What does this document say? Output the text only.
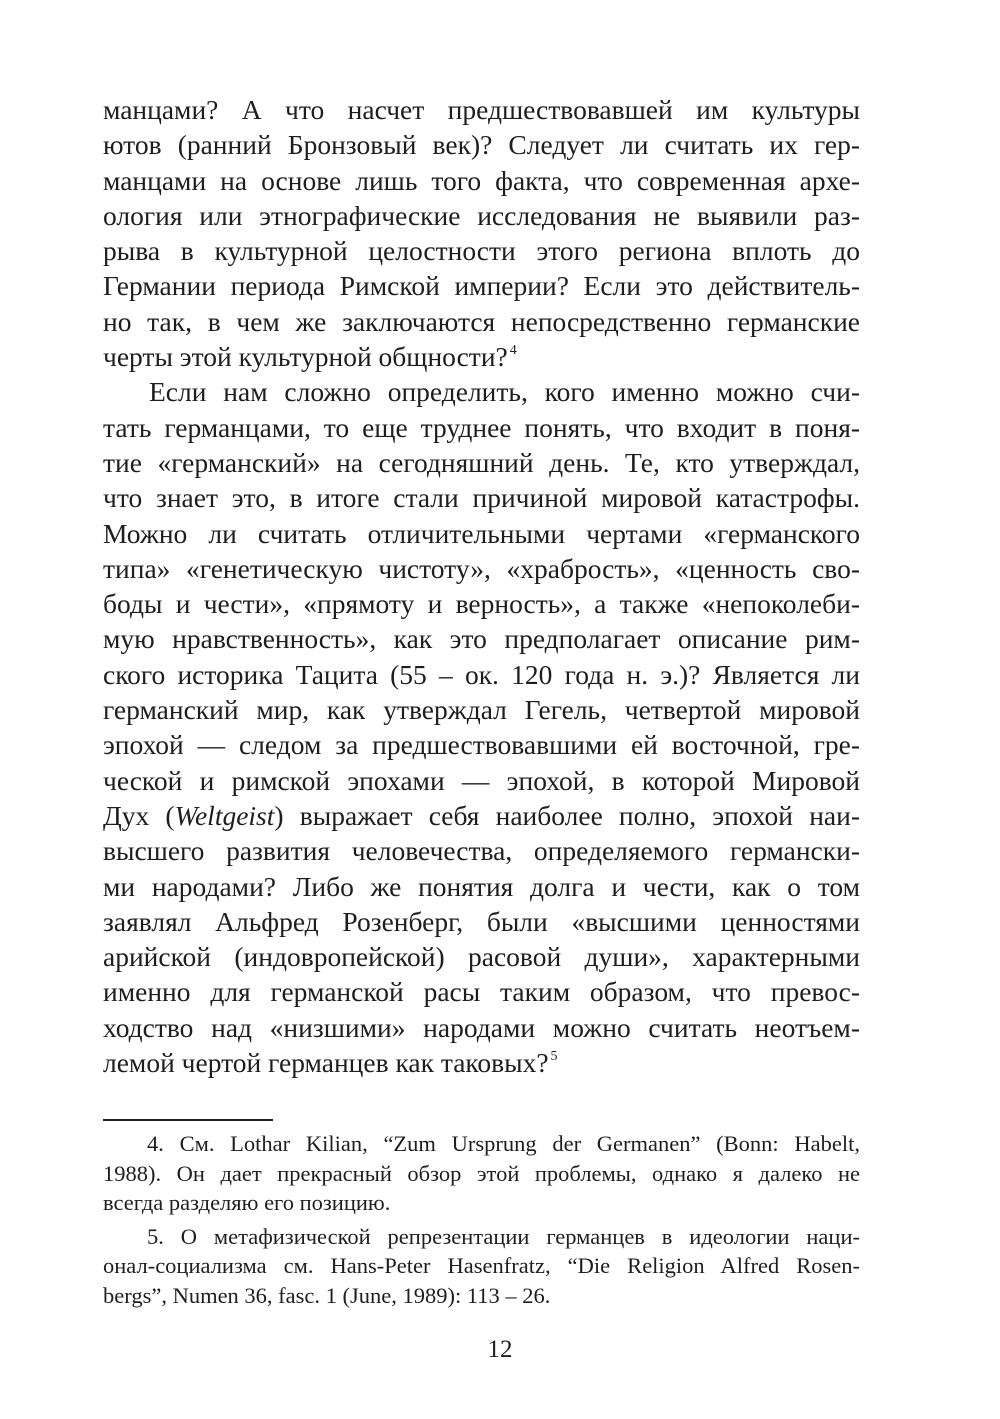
манцами? А что насчет предшествовавшей им культуры
ютов (ранний Бронзовый век)? Следует ли считать их гер-
манцами на основе лишь того факта, что современная архе-
ология или этнографические исследования не выявили раз-
рыва в культурной целостности этого региона вплоть до
Германии периода Римской империи? Если это действитель-
но так, в чем же заключаются непосредственно германские
черты этой культурной общности? $^4$
Если нам сложно определить, кого именно можно счи-
тать германцами, то еще труднее понять, что входит в поня-
тие «германский» на сегодняшний день. Те, кто утверждал,
что знает это, в итоге стали причиной мировой катастрофы.
Можно ли считать отличительными чертами «германского
типа» «генетическую чистоту», «храбрость», «ценность сво-
боды и чести», «прямоту и верность», а также «непоколеби-
мую нравственность», как это предполагает описание рим-
ского историка Тацита (55 – ок. 120 года н. э.)? Является ли
германский мир, как утверждал Гегель, четвертой мировой
эпохой — следом за предшествовавшими ей восточной, гре-
ческой и римской эпохами — эпохой, в которой Мировой
Дух (Weltgeist) выражает себя наиболее полно, эпохой наи-
высшего развития человечества, определяемого германски-
ми народами? Либо же понятия долга и чести, как о том
заявлял Альфред Розенберг, были «высшими ценностями
арийской (индовропейской) расовой души», характерными
именно для германской расы таким образом, что превос-
ходство над «низшими» народами можно считать неотъем-
лемой чертой германцев как таковых? $^5$
4. См. Lothar Kilian, “Zum Ursprung der Germanen” (Bonn: Habelt,
1988). Он дает прекрасный обзор этой проблемы, однако я далеко не
всегда разделяю его позицию.
5. О метафизической репрезентации германцев в идеологии наци-
онал-социализма см. Hans-Peter Hasenfratz, “Die Religion Alfred Rosen-
bergs”, Numen 36, fasc. 1 (June, 1989): 113 – 26.
12
